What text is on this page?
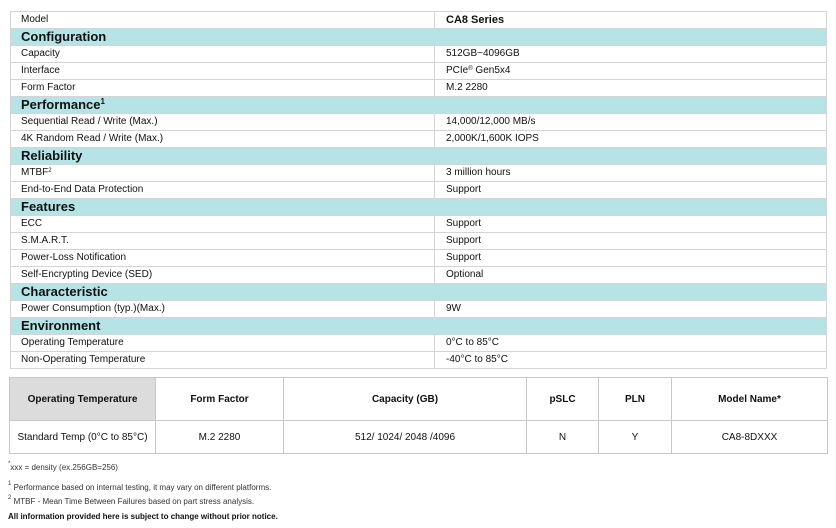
Model	CA8 Series
Configuration	
Capacity	512GB~4096GB
Interface	PCIe® Gen5x4
Form Factor	M.2 2280
Performance$^1$
Sequential Read / Write (Max.)	14,000/12,000 MB/s
4K Random Read / Write (Max.)	2,000K/1,600K IOPS
Reliability	
MTBF$^2$	3 million hours
End-to-End Data Protection	Support
Features	
ECC	Support
S.M.A.R.T.	Support
Power-Loss Notification	Support
Self-Encrypting Device (SED)	Optional
Characteristic	
Power Consumption (typ.)(Max.)	9W
Environment	
Operating Temperature	0°C to 85°C
Non-Operating Temperature	-40°C to 85°C
Operating Temperature	Form Factor	Capacity (GB)	pSLC	PLN	Model Name*
Standard Temp (0°C to 85°C)	M.2 2280	512/ 1024/ 2048 /4096	N	Y	CA8-8DXXX
*xxx = density (ex.256GB=256)
$^1$ Performance based on internal testing, it may vary on different platforms.
$^2$ MTBF - Mean Time Between Failures based on part stress analysis.
All information provided here is subject to change without prior notice.
